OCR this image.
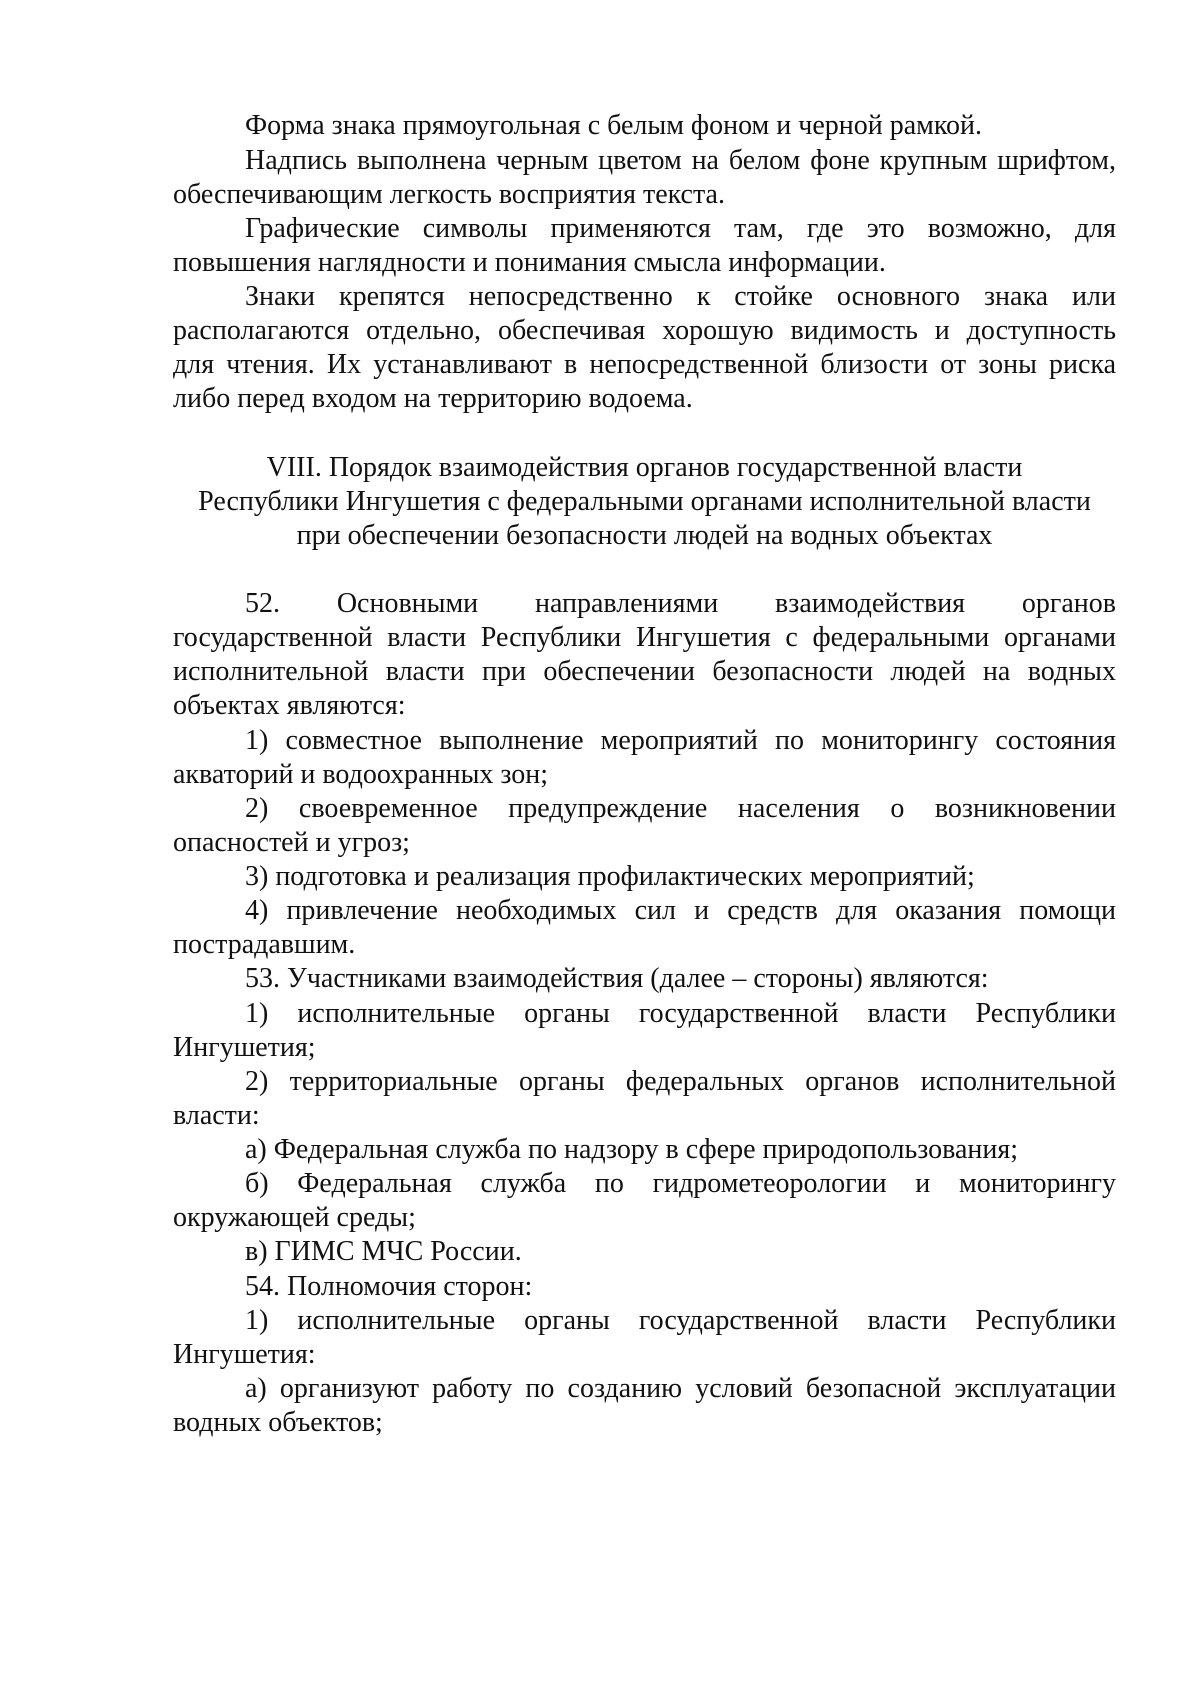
Форма знака прямоугольная с белым фоном и черной рамкой.

Надпись выполнена черным цветом на белом фоне крупным шрифтом,

обеспечивающим легкость восприятия текста.

Графические символы применяются там, где это возможно, для

повышения наглядности и понимания смысла информации.

Знаки крепятся непосредственно к стойке основного знака или

располагаются отдельно, обеспечивая хорошую видимость и доступность

для чтения. Их устанавливают в непосредственной близости от зоны риска

либо перед входом на территорию водоема.

VIII. Порядок взаимодействия органов государственной власти

Республики Ингушетия с федеральными органами исполнительной власти

при обеспечении безопасности людей на водных объектах

52. Основными направлениями взаимодействия органов

государственной власти Республики Ингушетия с федеральными органами

исполнительной власти при обеспечении безопасности людей на водных

объектах являются:

1) совместное выполнение мероприятий по мониторингу состояния

акваторий и водоохранных зон;

2) своевременное предупреждение населения о возникновении

опасностей и угроз;

3) подготовка и реализация профилактических мероприятий;

4) привлечение необходимых сил и средств для оказания помощи

пострадавшим.

53. Участниками взаимодействия (далее – стороны) являются:

1) исполнительные органы государственной власти Республики

Ингушетия;

2) территориальные органы федеральных органов исполнительной

власти:

а) Федеральная служба по надзору в сфере природопользования;

б) Федеральная служба по гидрометеорологии и мониторингу

окружающей среды;

в) ГИМС МЧС России.

54. Полномочия сторон:

1) исполнительные органы государственной власти Республики

Ингушетия:

а) организуют работу по созданию условий безопасной эксплуатации

водных объектов;
